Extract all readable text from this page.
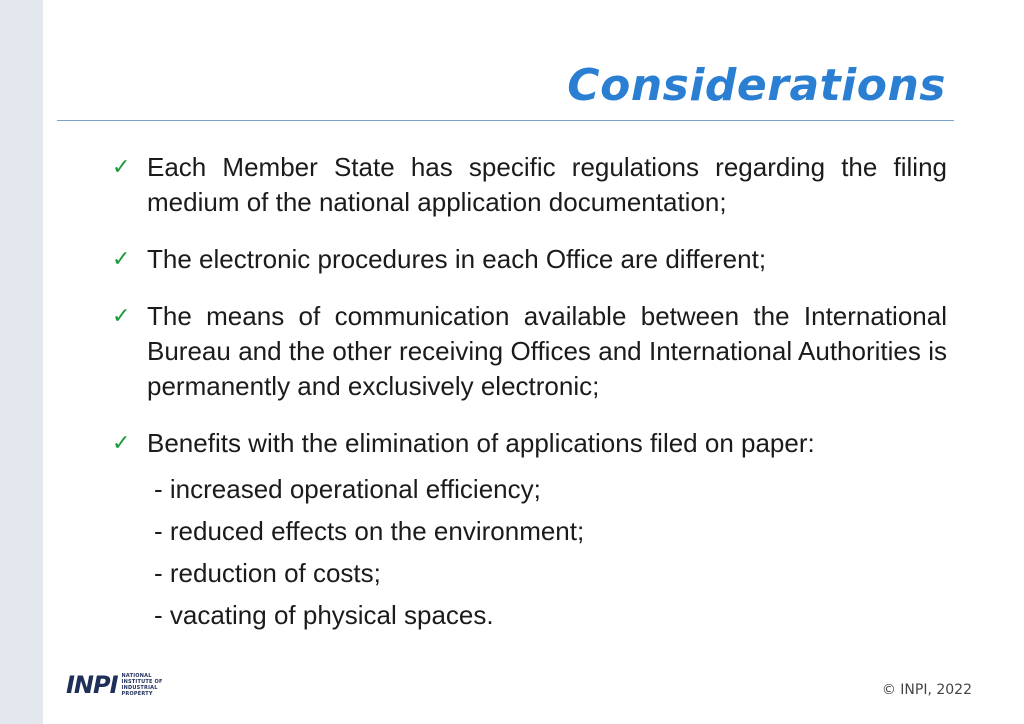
Considerations
✓ Each Member State has specific regulations regarding the filing medium of the national application documentation;
✓ The electronic procedures in each Office are different;
✓ The means of communication available between the International Bureau and the other receiving Offices and International Authorities is permanently and exclusively electronic;
✓ Benefits with the elimination of applications filed on paper:
- increased operational efficiency;
- reduced effects on the environment;
- reduction of costs;
- vacating of physical spaces.
INPI NATIONAL
INSTITUTE OF
INDUSTRIAL
PROPERTY	© INPI, 2022
